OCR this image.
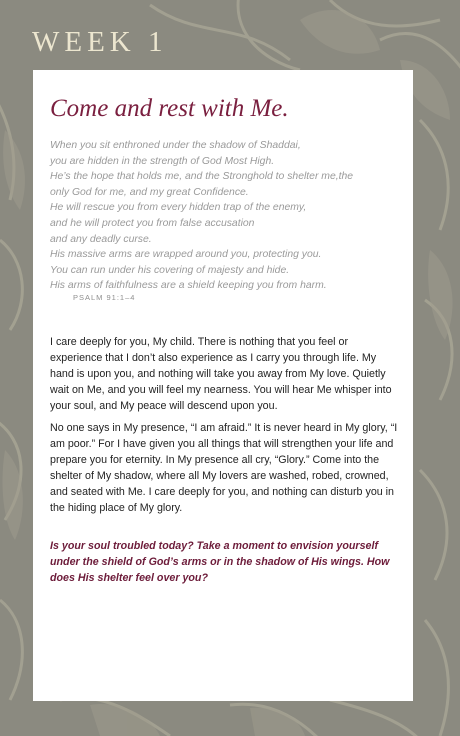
WEEK 1
Come and rest with Me.
When you sit enthroned under the shadow of Shaddai,
you are hidden in the strength of God Most High.
He’s the hope that holds me, and the Stronghold to shelter me,the
only God for me, and my great Confidence.
He will rescue you from every hidden trap of the enemy,
and he will protect you from false accusation
and any deadly curse.
His massive arms are wrapped around you, protecting you.
You can run under his covering of majesty and hide.
His arms of faithfulness are a shield keeping you from harm.
PSALM 91:1–4

I care deeply for you, My child. There is nothing that you feel or experience that I don’t also experience as I carry you through life. My hand is upon you, and nothing will take you away from My love. Quietly wait on Me, and you will feel my nearness. You will hear Me whisper into your soul, and My peace will descend upon you.

No one says in My presence, “I am afraid.” It is never heard in My glory, “I am poor.” For I have given you all things that will strengthen your life and prepare you for eternity. In My presence all cry, “Glory.” Come into the shelter of My shadow, where all My lovers are washed, robed, crowned, and seated with Me. I care deeply for you, and nothing can disturb you in the hiding place of My glory.

Is your soul troubled today? Take a moment to envision yourself under the shield of God’s arms or in the shadow of His wings. How does His shelter feel over you?
